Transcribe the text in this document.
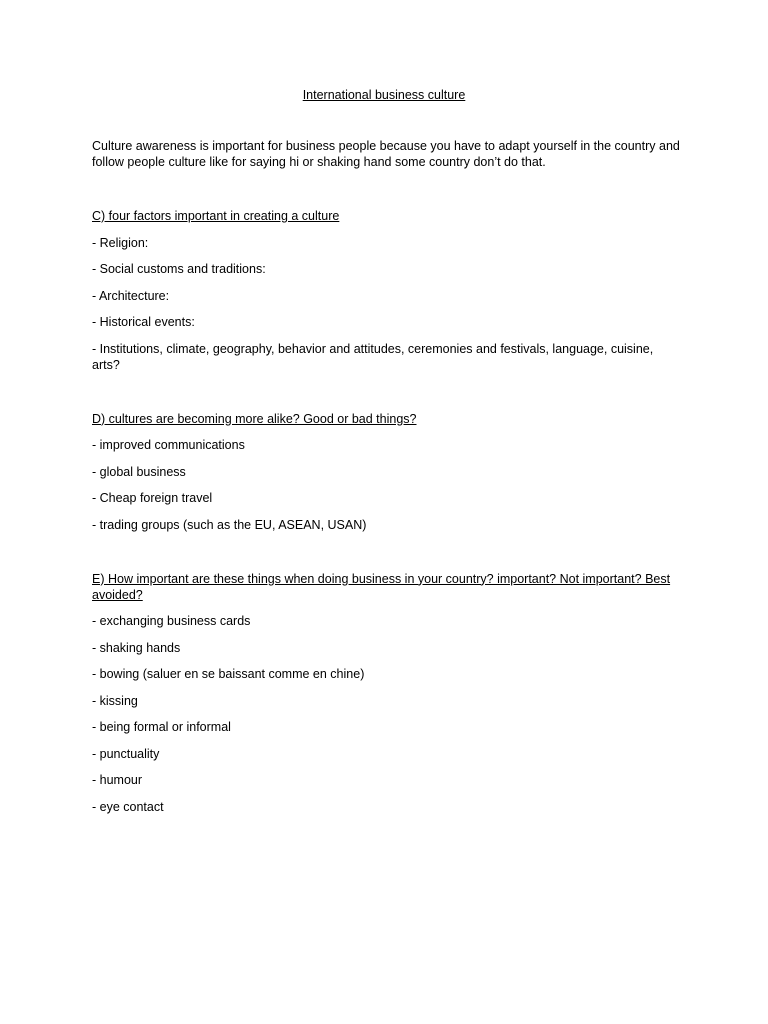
International business culture

Culture awareness is important for business people because you have to adapt yourself in the country and follow people culture like for saying hi or shaking hand some country don’t do that.

C) four factors important in creating a culture

- Religion:

- Social customs and traditions:

- Architecture:

- Historical events:

- Institutions, climate, geography, behavior and attitudes, ceremonies and festivals, language, cuisine, arts?

D) cultures are becoming more alike? Good or bad things?

- improved communications

- global business

- Cheap foreign travel

- trading groups (such as the EU, ASEAN, USAN)

E) How important are these things when doing business in your country? important? Not important? Best avoided?

- exchanging business cards

- shaking hands

- bowing (saluer en se baissant comme en chine)

- kissing

- being formal or informal

- punctuality

- humour

- eye contact
